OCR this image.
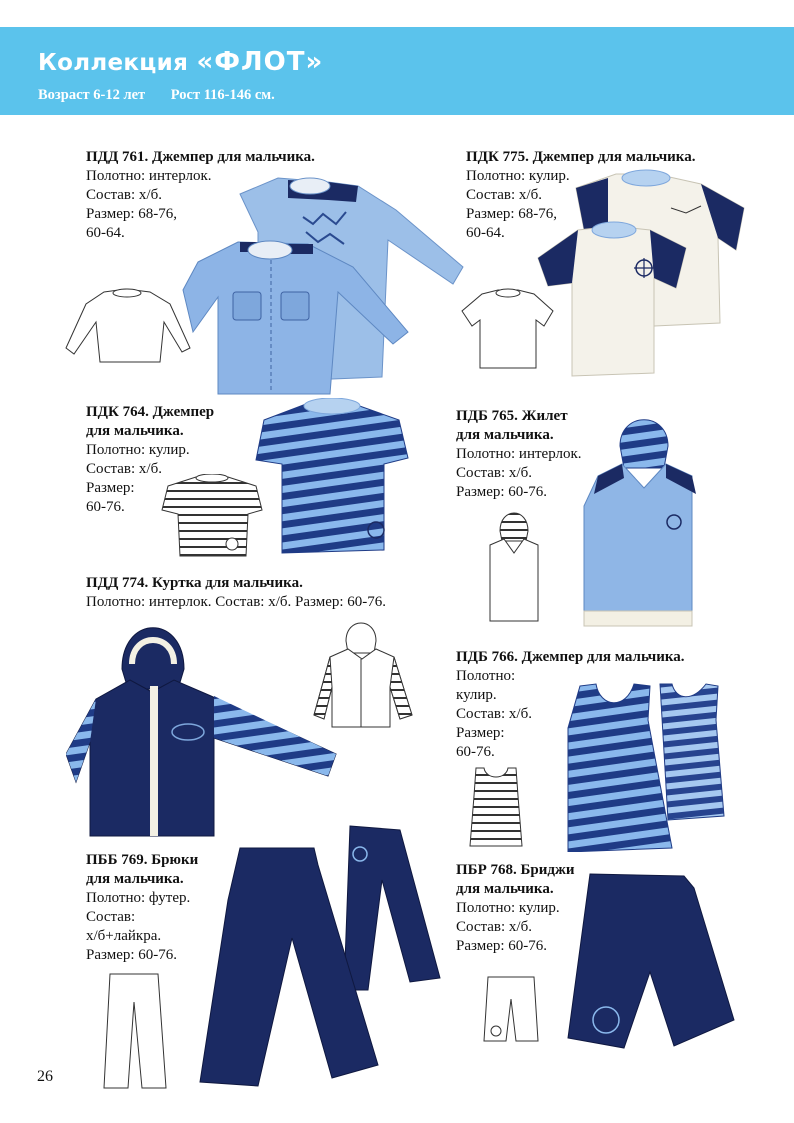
Коллекция «ФЛОТ»
Возраст 6-12 лет Рост 116-146 см.
ПДД 761. Джемпер для мальчика.
Полотно: интерлок.
Состав: х/б.
Размер: 68-76,
60-64.
ПДК 775. Джемпер для мальчика.
Полотно: кулир.
Состав: х/б.
Размер: 68-76,
60-64.
ПДК 764. Джемпер
для мальчика.
Полотно: кулир.
Состав: х/б.
Размер:
60-76.
ПДБ 765. Жилет
для мальчика.
Полотно: интерлок.
Состав: х/б.
Размер: 60-76.
ПДД 774. Куртка для мальчика.
Полотно: интерлок. Состав: х/б. Размер: 60-76.
ПДБ 766. Джемпер для мальчика.
Полотно:
кулир.
Состав: х/б.
Размер:
60-76.
ПББ 769. Брюки
для мальчика.
Полотно: футер.
Состав:
х/б+лайкра.
Размер: 60-76.
ПБР 768. Бриджи
для мальчика.
Полотно: кулир.
Состав: х/б.
Размер: 60-76.
26
